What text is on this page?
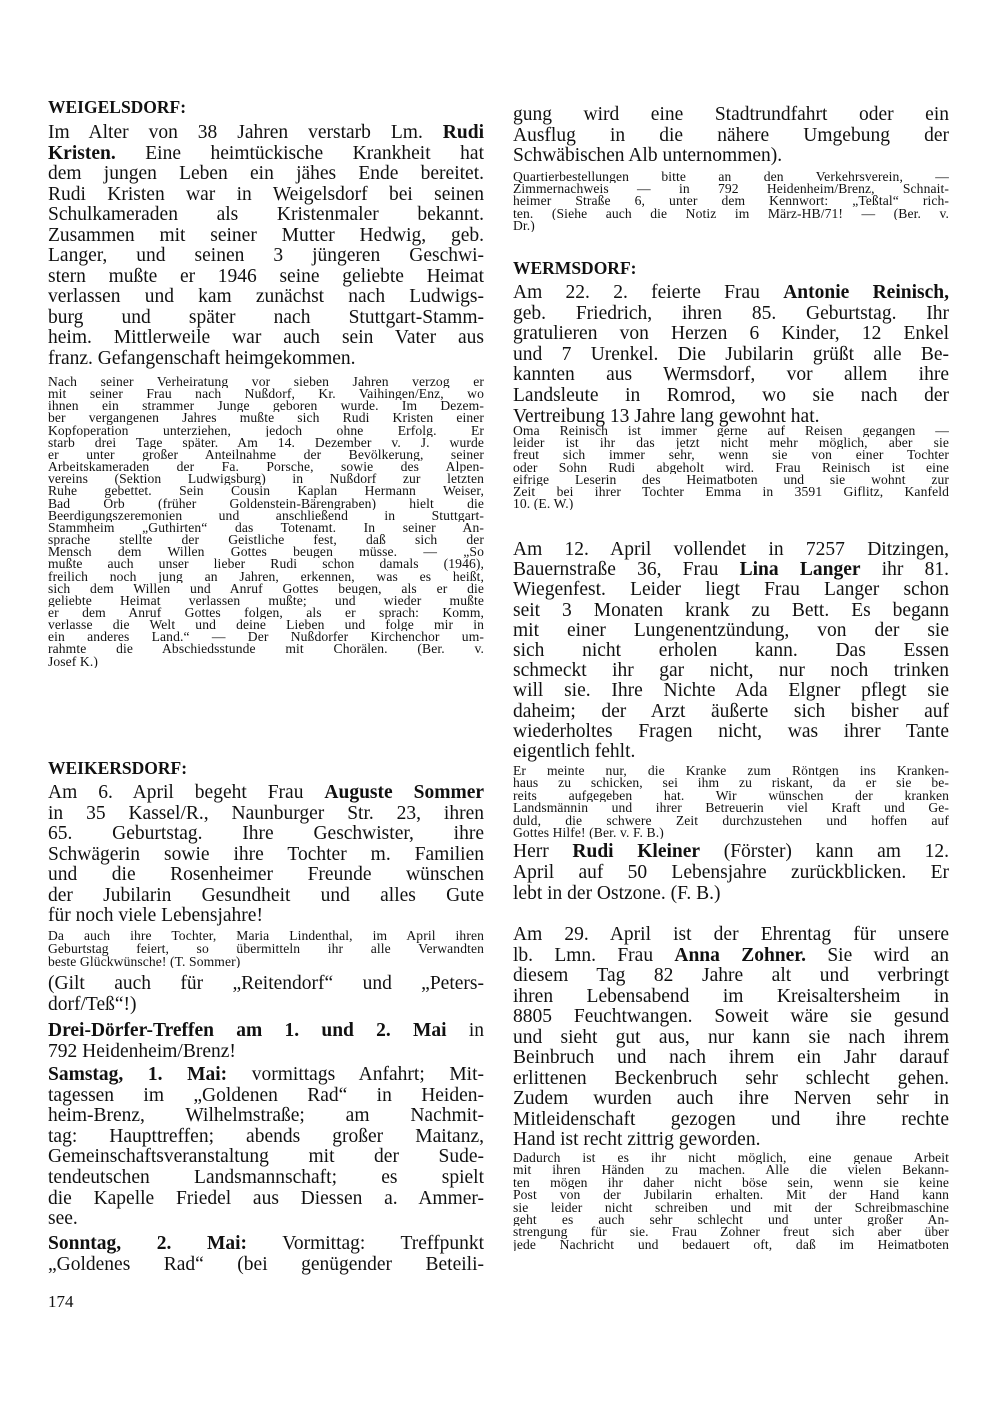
WEIGELSDORF:
Im Alter von 38 Jahren verstarb Lm. Rudi
Kristen. Eine heimtückische Krankheit hat
dem jungen Leben ein jähes Ende bereitet.
Rudi Kristen war in Weigelsdorf bei seinen
Schulkameraden als Kristenmaler bekannt.
Zusammen mit seiner Mutter Hedwig, geb.
Langer, und seinen 3 jüngeren Geschwi-
stern mußte er 1946 seine geliebte Heimat
verlassen und kam zunächst nach Ludwigs-
burg und später nach Stuttgart-Stamm-
heim. Mittlerweile war auch sein Vater aus
franz. Gefangenschaft heimgekommen.
Nach seiner Verheiratung vor sieben Jahren verzog er
mit seiner Frau nach Nußdorf, Kr. Vaihingen/Enz, wo
ihnen ein strammer Junge geboren wurde. Im Dezem-
ber vergangenen Jahres mußte sich Rudi Kristen einer
Kopfoperation unterziehen, jedoch ohne Erfolg. Er
starb drei Tage später. Am 14. Dezember v. J. wurde
er unter großer Anteilnahme der Bevölkerung, seiner
Arbeitskameraden der Fa. Porsche, sowie des Alpen-
vereins (Sektion Ludwigsburg) in Nußdorf zur letzten
Ruhe gebettet. Sein Cousin Kaplan Hermann Weiser,
Bad Orb (früher Goldenstein-Bärengraben) hielt die
Beerdigungszeremonien und anschließend in Stuttgart-
Stammheim „Guthirten“ das Totenamt. In seiner An-
sprache stellte der Geistliche fest, daß sich der
Mensch dem Willen Gottes beugen müsse. — „So
mußte auch unser lieber Rudi schon damals (1946),
freilich noch jung an Jahren, erkennen, was es heißt,
sich dem Willen und Anruf Gottes beugen, als er die
geliebte Heimat verlassen mußte; und wieder mußte
er dem Anruf Gottes folgen, als er sprach: Komm,
verlasse die Welt und deine Lieben und folge mir in
ein anderes Land.“ — Der Nußdorfer Kirchenchor um-
rahmte die Abschiedsstunde mit Chorälen. (Ber. v.
Josef K.)
WEIKERSDORF:
Am 6. April begeht Frau Auguste Sommer
in 35 Kassel/R., Naunburger Str. 23, ihren
65. Geburtstag. Ihre Geschwister, ihre
Schwägerin sowie ihre Tochter m. Familien
und die Rosenheimer Freunde wünschen
der Jubilarin Gesundheit und alles Gute
für noch viele Lebensjahre!
Da auch ihre Tochter, Maria Lindenthal, im April ihren
Geburtstag feiert, so übermitteln ihr alle Verwandten
beste Glückwünsche! (T. Sommer)
(Gilt auch für „Reitendorf“ und „Peters-
dorf/Teß“!)
Drei-Dörfer-Treffen am 1. und 2. Mai in
792 Heidenheim/Brenz!
Samstag, 1. Mai: vormittags Anfahrt; Mit-
tagessen im „Goldenen Rad“ in Heiden-
heim-Brenz, Wilhelmstraße; am Nachmit-
tag: Haupttreffen; abends großer Maitanz,
Gemeinschaftsveranstaltung mit der Sude-
tendeutschen Landsmannschaft; es spielt
die Kapelle Friedel aus Diessen a. Ammer-
see.
Sonntag, 2. Mai: Vormittag: Treffpunkt
„Goldenes Rad“ (bei genügender Beteili-
gung wird eine Stadtrundfahrt oder ein
Ausflug in die nähere Umgebung der
Schwäbischen Alb unternommen).
Quartierbestellungen bitte an den Verkehrsverein, —
Zimmernachweis — in 792 Heidenheim/Brenz, Schnait-
heimer Straße 6, unter dem Kennwort: „Teßtal“ rich-
ten. (Siehe auch die Notiz im März-HB/71! — (Ber. v.
Dr.)
WERMSDORF:
Am 22. 2. feierte Frau Antonie Reinisch,
geb. Friedrich, ihren 85. Geburtstag. Ihr
gratulieren von Herzen 6 Kinder, 12 Enkel
und 7 Urenkel. Die Jubilarin grüßt alle Be-
kannten aus Wermsdorf, vor allem ihre
Landsleute in Romrod, wo sie nach der
Vertreibung 13 Jahre lang gewohnt hat.
Oma Reinisch ist immer gerne auf Reisen gegangen —
leider ist ihr das jetzt nicht mehr möglich, aber sie
freut sich immer sehr, wenn sie von einer Tochter
oder Sohn Rudi abgeholt wird. Frau Reinisch ist eine
eifrige Leserin des Heimatboten und sie wohnt zur
Zeit bei ihrer Tochter Emma in 3591 Giflitz, Kanfeld
10. (E. W.)
Am 12. April vollendet in 7257 Ditzingen,
Bauernstraße 36, Frau Lina Langer ihr 81.
Wiegenfest. Leider liegt Frau Langer schon
seit 3 Monaten krank zu Bett. Es begann
mit einer Lungenentzündung, von der sie
sich nicht erholen kann. Das Essen
schmeckt ihr gar nicht, nur noch trinken
will sie. Ihre Nichte Ada Elgner pflegt sie
daheim; der Arzt äußerte sich bisher auf
wiederholtes Fragen nicht, was ihrer Tante
eigentlich fehlt.
Er meinte nur, die Kranke zum Röntgen ins Kranken-
haus zu schicken, sei ihm zu riskant, da er sie be-
reits aufgegeben hat. Wir wünschen der kranken
Landsmännin und ihrer Betreuerin viel Kraft und Ge-
duld, die schwere Zeit durchzustehen und hoffen auf
Gottes Hilfe! (Ber. v. F. B.)
Herr Rudi Kleiner (Förster) kann am 12.
April auf 50 Lebensjahre zurückblicken. Er
lebt in der Ostzone. (F. B.)
Am 29. April ist der Ehrentag für unsere
lb. Lmn. Frau Anna Zohner. Sie wird an
diesem Tag 82 Jahre alt und verbringt
ihren Lebensabend im Kreisaltersheim in
8805 Feuchtwangen. Soweit wäre sie gesund
und sieht gut aus, nur kann sie nach ihrem
Beinbruch und nach ihrem ein Jahr darauf
erlittenen Beckenbruch sehr schlecht gehen.
Zudem wurden auch ihre Nerven sehr in
Mitleidenschaft gezogen und ihre rechte
Hand ist recht zittrig geworden.
Dadurch ist es ihr nicht möglich, eine genaue Arbeit
mit ihren Händen zu machen. Alle die vielen Bekann-
ten mögen ihr daher nicht böse sein, wenn sie keine
Post von der Jubilarin erhalten. Mit der Hand kann
sie leider nicht schreiben und mit der Schreibmaschine
geht es auch sehr schlecht und unter großer An-
strengung für sie. Frau Zohner freut sich aber über
jede Nachricht und bedauert oft, daß im Heimatboten
174
